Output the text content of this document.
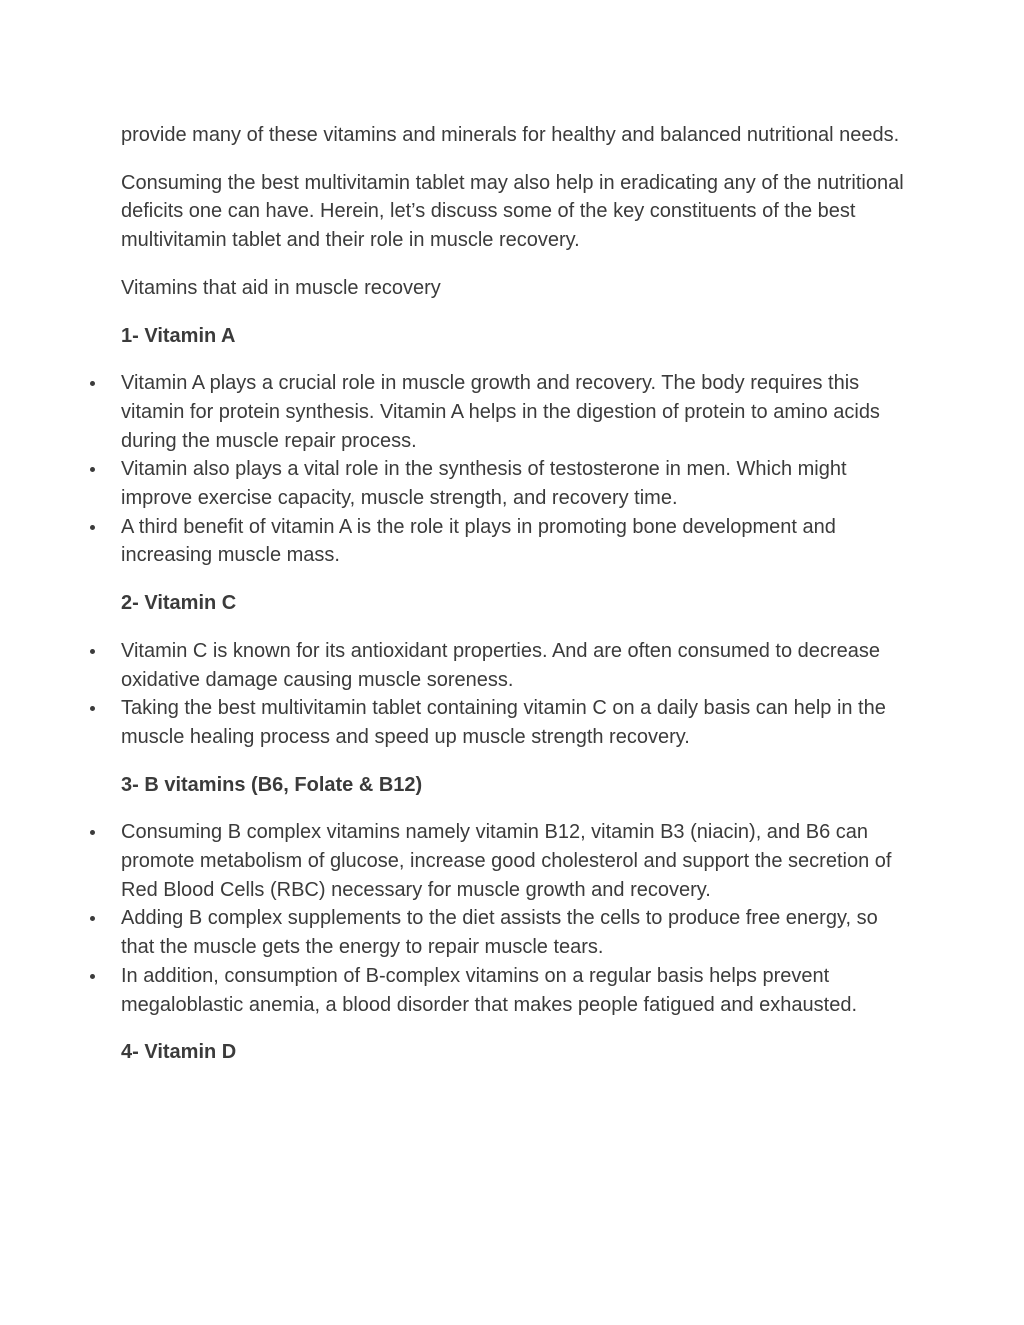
provide many of these vitamins and minerals for healthy and balanced nutritional needs.

Consuming the best multivitamin tablet may also help in eradicating any of the nutritional deficits one can have. Herein, let’s discuss some of the key constituents of the best multivitamin tablet and their role in muscle recovery.

Vitamins that aid in muscle recovery

1- Vitamin A

Vitamin A plays a crucial role in muscle growth and recovery. The body requires this vitamin for protein synthesis. Vitamin A helps in the digestion of protein to amino acids during the muscle repair process.
Vitamin also plays a vital role in the synthesis of testosterone in men. Which might improve exercise capacity, muscle strength, and recovery time.
A third benefit of vitamin A is the role it plays in promoting bone development and increasing muscle mass.

2- Vitamin C

Vitamin C is known for its antioxidant properties. And are often consumed to decrease oxidative damage causing muscle soreness.
Taking the best multivitamin tablet containing vitamin C on a daily basis can help in the muscle healing process and speed up muscle strength recovery.

3- B vitamins (B6, Folate & B12)

Consuming B complex vitamins namely vitamin B12, vitamin B3 (niacin), and B6 can promote metabolism of glucose, increase good cholesterol and support the secretion of Red Blood Cells (RBC) necessary for muscle growth and recovery.
Adding B complex supplements to the diet assists the cells to produce free energy, so that the muscle gets the energy to repair muscle tears.
In addition, consumption of B-complex vitamins on a regular basis helps prevent megaloblastic anemia, a blood disorder that makes people fatigued and exhausted.

4- Vitamin D
